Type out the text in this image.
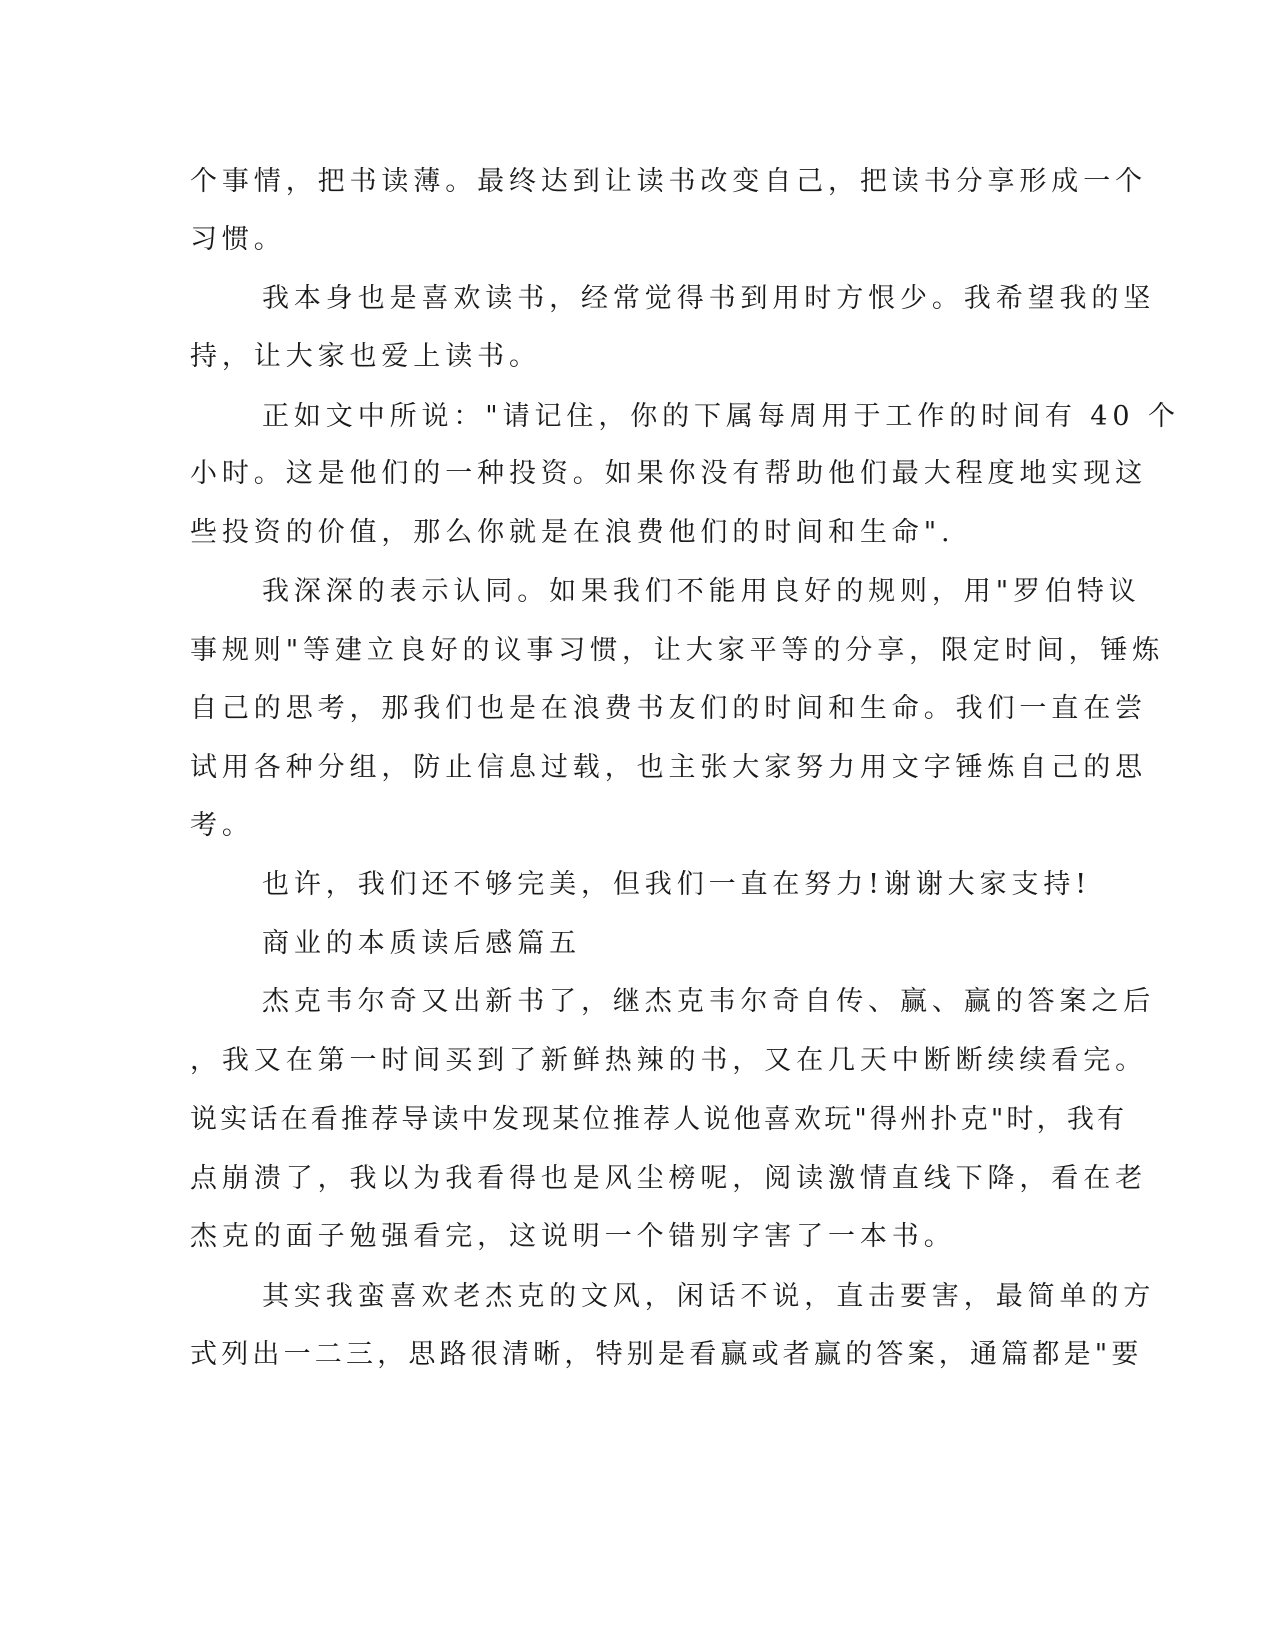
个事情，把书读薄。最终达到让读书改变自己，把读书分享形成一个
习惯。
我本身也是喜欢读书，经常觉得书到用时方恨少。我希望我的坚
持，让大家也爱上读书。
正如文中所说："请记住，你的下属每周用于工作的时间有 40 个
小时。这是他们的一种投资。如果你没有帮助他们最大程度地实现这
些投资的价值，那么你就是在浪费他们的时间和生命".
我深深的表示认同。如果我们不能用良好的规则，用"罗伯特议
事规则"等建立良好的议事习惯，让大家平等的分享，限定时间，锤炼
自己的思考，那我们也是在浪费书友们的时间和生命。我们一直在尝
试用各种分组，防止信息过载，也主张大家努力用文字锤炼自己的思
考。
也许，我们还不够完美，但我们一直在努力!谢谢大家支持!
商业的本质读后感篇五
杰克韦尔奇又出新书了，继杰克韦尔奇自传、赢、赢的答案之后
，我又在第一时间买到了新鲜热辣的书，又在几天中断断续续看完。
说实话在看推荐导读中发现某位推荐人说他喜欢玩"得州扑克"时，我有
点崩溃了，我以为我看得也是风尘榜呢，阅读激情直线下降，看在老
杰克的面子勉强看完，这说明一个错别字害了一本书。
其实我蛮喜欢老杰克的文风，闲话不说，直击要害，最简单的方
式列出一二三，思路很清晰，特别是看赢或者赢的答案，通篇都是"要
